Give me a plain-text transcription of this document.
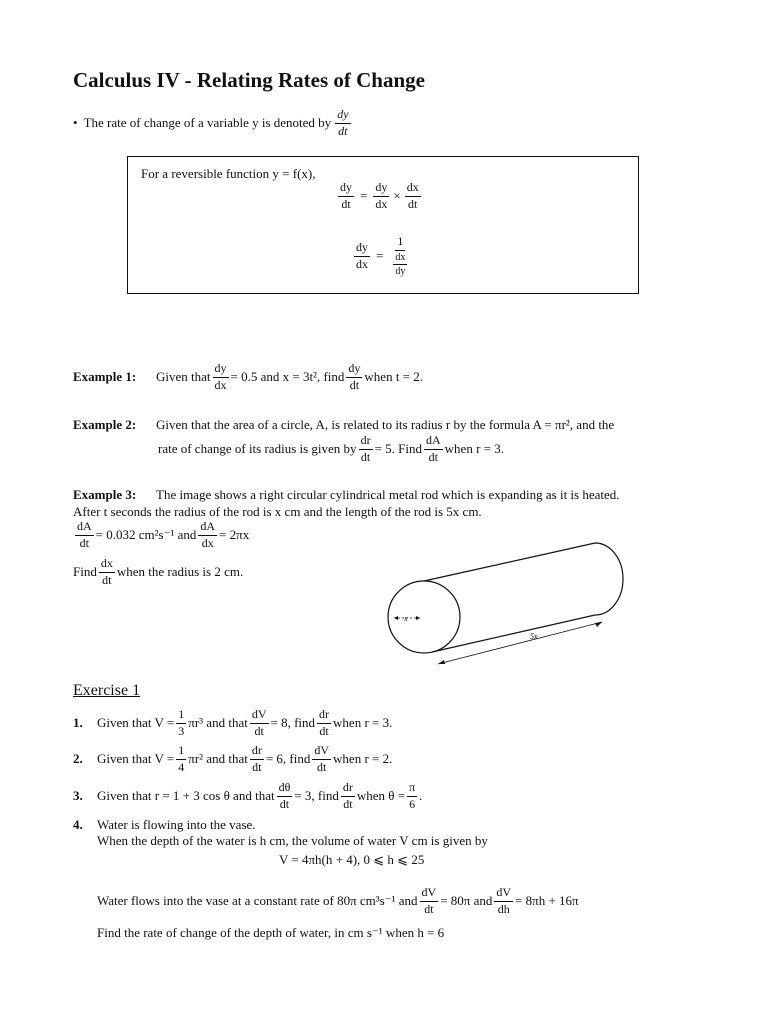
Calculus IV - Relating Rates of Change
• The rate of change of a variable y is denoted by $\frac{dy}{dt}$
For a reversible function y = f(x),
$\frac{dy}{dt} = \frac{dy}{dx} \times \frac{dx}{dt}$
$\frac{dy}{dx} = \frac{1}{\frac{dx}{dy}}$
Example 1:	Given that $\frac{dy}{dx} = 0.5$ and x = 3t², find $\frac{dy}{dt}$ when t = 2.
Example 2:	Given that the area of a circle, A, is related to its radius r by the formula A = πr², and the
rate of change of its radius is given by $\frac{dr}{dt} = 5$. Find $\frac{dA}{dt}$ when r = 3.
Example 3:	The image shows a right circular cylindrical metal rod which is expanding as it is heated.
After t seconds the radius of the rod is x cm and the length of the rod is 5x cm.
$\frac{dA}{dt} = 0.032$ cm²s⁻¹ and $\frac{dA}{dx} = 2\pi x$
Find $\frac{dx}{dt}$ when the radius is 2 cm.
x
5x
Exercise 1
1.	Given that $V = \frac{1}{3} \pi r^3$ and that $\frac{dV}{dt} = 8$, find $\frac{dr}{dt}$ when r = 3.
2.	Given that $V = \frac{1}{4} \pi r^2$ and that $\frac{dr}{dt} = 6$, find $\frac{dV}{dt}$ when r = 2.
3.	Given that r = 1 + 3 cos θ and that $\frac{d\theta}{dt} = 3$, find $\frac{dr}{dt}$ when $\theta = \frac{\pi}{6}$ .
4.	Water is flowing into the vase.
When the depth of the water is h cm, the volume of water V cm is given by
V = 4πh(h + 4), 0 ⩽ h ⩽ 25
Water flows into the vase at a constant rate of 80π cm³s⁻¹ and $\frac{dV}{dt} = 80\pi$ and $\frac{dV}{dh} = 8\pi h + 16\pi$
Find the rate of change of the depth of water, in cm s⁻¹ when h = 6
